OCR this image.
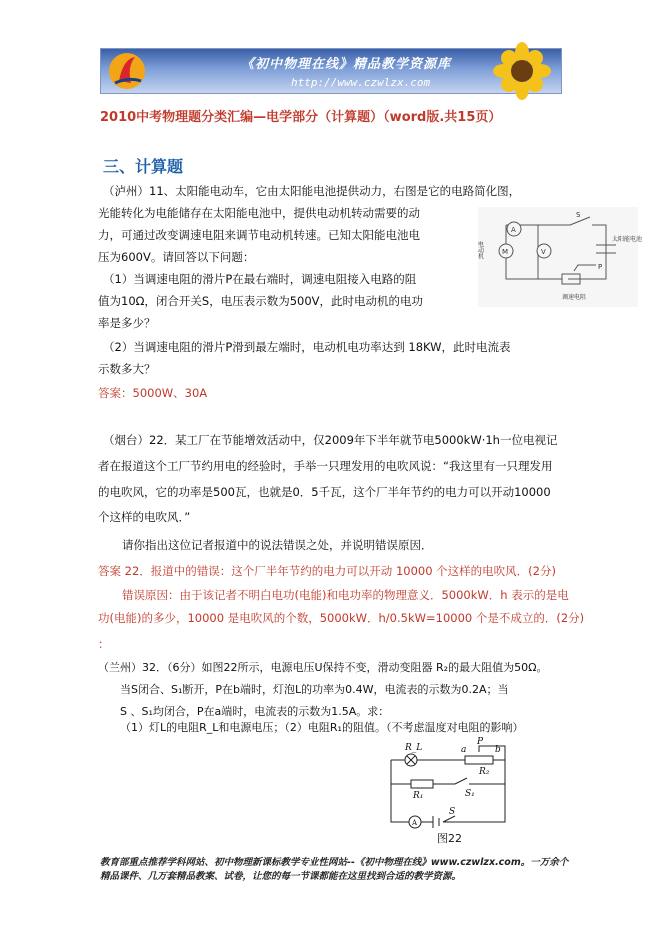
《初中物理在线》精品教学资源库
http://www.czwlzx.com
2010中考物理题分类汇编—电学部分（计算题）（word版.共15页）
三、计算题
（泸州）11、太阳能电动车，它由太阳能电池提供动力，右图是它的电路简化图，
光能转化为电能储存在太阳能电池中，提供电动机转动需要的动
力，可通过改变调速电阻来调节电动机转速。已知太阳能电池电
压为600V。请回答以下问题：
（1）当调速电阻的滑片P在最右端时，调速电阻接入电路的阻
值为10Ω，闭合开关S，电压表示数为500V，此时电动机的电功
率是多少？
（2）当调速电阻的滑片P滑到最左端时，电动机电功率达到 18KW，此时电流表
示数多大？
答案：5000W、30A
A
M	V
S
P
电动机
太阳能电池
调速电阻
（烟台）22．某工厂在节能增效活动中，仅2009年下半年就节电5000kW·1h一位电视记
者在报道这个工厂节约用电的经验时，手举一只理发用的电吹风说：“我这里有一只理发用
的电吹风，它的功率是500瓦，也就是0．5千瓦，这个厂半年节约的电力可以开动10000
个这样的电吹风．”
请你指出这位记者报道中的说法错误之处，并说明错误原因．
答案 22．报道中的错误：这个厂半年节约的电力可以开动 10000 个这样的电吹风．(2分)
错误原因：由于该记者不明白电功(电能)和电功率的物理意义．5000kW．h 表示的是电
功(电能)的多少，10000 是电吹风的个数，5000kW．h/0.5kW=10000 个是不成立的．(2分)
：
（兰州）32．（6分）如图22所示，电源电压U保持不变，滑动变阻器 R₂的最大阻值为50Ω。
当S闭合、S₁断开，P在b端时，灯泡L的功率为0.4W，电流表的示数为0.2A；当
S 、S₁均闭合，P在a端时，电流表的示数为1.5A。求：
（1）灯L的电阻R_L和电源电压；（2）电阻R₁的阻值。（不考虑温度对电阻的影响）
R_L	a
P
b
R₂
R₁	S₁
A
S
图22
教育部重点推荐学科网站、初中物理新课标教学专业性网站--《初中物理在线》www.czwlzx.com。一万余个精品课件、几万套精品教案、试卷，让您的每一节课都能在这里找到合适的教学资源。
